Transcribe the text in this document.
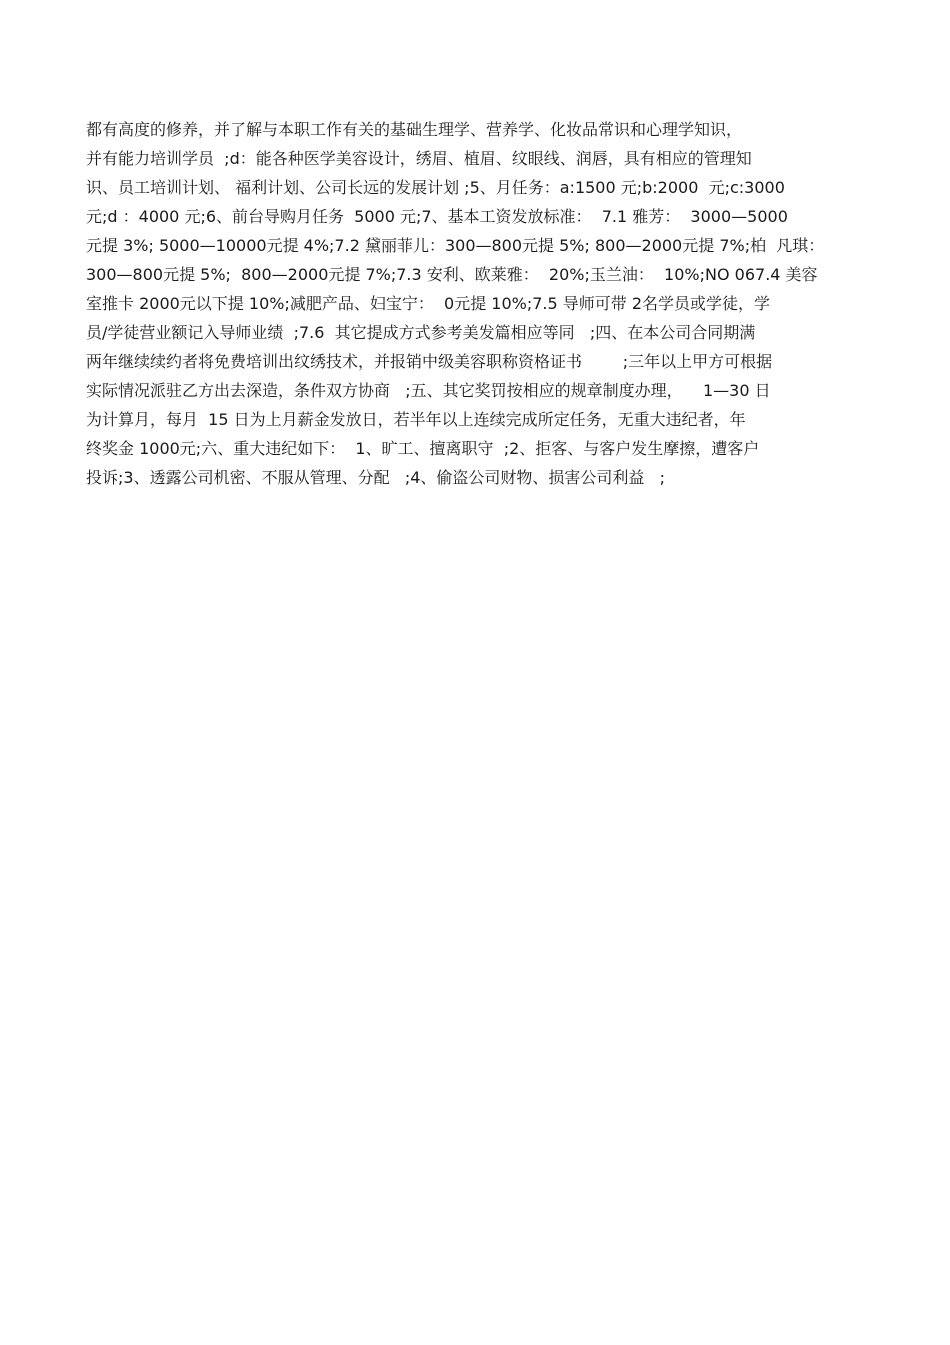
都有高度的修养，并了解与本职工作有关的基础生理学、营养学、化妆品常识和心理学知识，
并有能力培训学员  ;d：能各种医学美容设计，绣眉、植眉、纹眼线、润唇，具有相应的管理知
识、员工培训计划、 福利计划、公司长远的发展计划 ;5、月任务：a:1500 元;b:2000  元;c:3000
元;d ：4000 元;6、前台导购月任务  5000 元;7、基本工资发放标准：  7.1 雅芳：  3000—5000
元提 3%; 5000—10000元提 4%;7.2 黛丽菲儿：300—800元提 5%; 800—2000元提 7%;柏  凡琪：
300—800元提 5%;  800—2000元提 7%;7.3 安利、欧莱雅：  20%;玉兰油：  10%;NO 067.4 美容
室推卡 2000元以下提 10%;减肥产品、妇宝宁：  0元提 10%;7.5 导师可带 2名学员或学徒，学
员/学徒营业额记入导师业绩  ;7.6  其它提成方式参考美发篇相应等同   ;四、在本公司合同期满
两年继续续约者将免费培训出纹绣技术，并报销中级美容职称资格证书        ;三年以上甲方可根据
实际情况派驻乙方出去深造，条件双方协商   ;五、其它奖罚按相应的规章制度办理，    1—30 日
为计算月，每月  15 日为上月薪金发放日，若半年以上连续完成所定任务，无重大违纪者，年
终奖金 1000元;六、重大违纪如下：  1、旷工、擅离职守  ;2、拒客、与客户发生摩擦，遭客户
投诉;3、透露公司机密、不服从管理、分配   ;4、偷盗公司财物、损害公司利益   ;
